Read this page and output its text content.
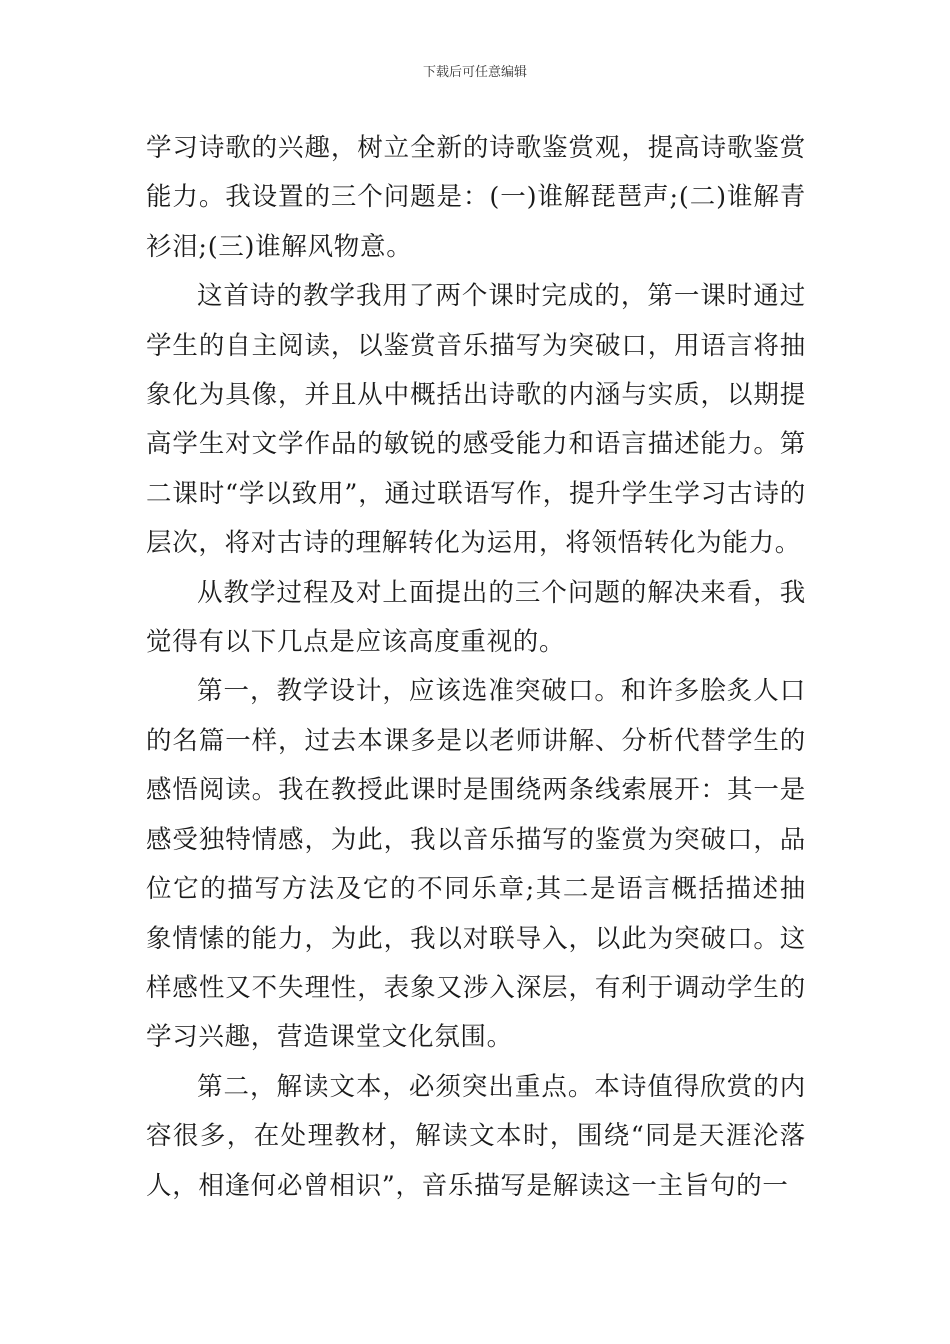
下载后可任意编辑

学习诗歌的兴趣，树立全新的诗歌鉴赏观，提高诗歌鉴赏能力。我设置的三个问题是：(一)谁解琵琶声;(二)谁解青衫泪;(三)谁解风物意。

这首诗的教学我用了两个课时完成的，第一课时通过学生的自主阅读，以鉴赏音乐描写为突破口，用语言将抽象化为具像，并且从中概括出诗歌的内涵与实质，以期提高学生对文学作品的敏锐的感受能力和语言描述能力。第二课时“学以致用”，通过联语写作，提升学生学习古诗的层次，将对古诗的理解转化为运用，将领悟转化为能力。

从教学过程及对上面提出的三个问题的解决来看，我觉得有以下几点是应该高度重视的。

第一，教学设计，应该选准突破口。和许多脍炙人口的名篇一样，过去本课多是以老师讲解、分析代替学生的感悟阅读。我在教授此课时是围绕两条线索展开：其一是感受独特情感，为此，我以音乐描写的鉴赏为突破口，品位它的描写方法及它的不同乐章;其二是语言概括描述抽象情愫的能力，为此，我以对联导入，以此为突破口。这样感性又不失理性，表象又涉入深层，有利于调动学生的学习兴趣，营造课堂文化氛围。

第二，解读文本，必须突出重点。本诗值得欣赏的内容很多，在处理教材，解读文本时，围绕“同是天涯沦落人，相逢何必曾相识”，音乐描写是解读这一主旨句的一
